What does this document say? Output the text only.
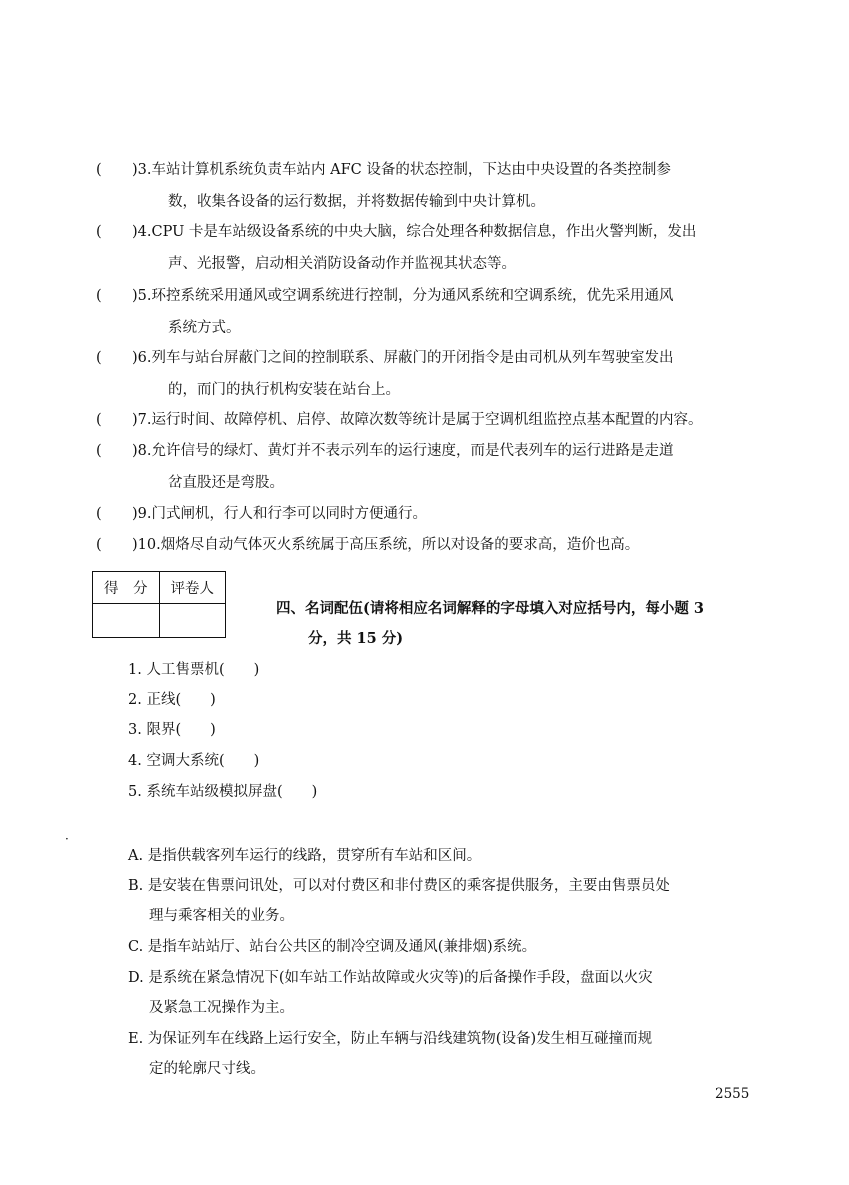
( )3.车站计算机系统负责车站内 AFC 设备的状态控制，下达由中央设置的各类控制参
数，收集各设备的运行数据，并将数据传输到中央计算机。
( )4.CPU 卡是车站级设备系统的中央大脑，综合处理各种数据信息，作出火警判断，发出
声、光报警，启动相关消防设备动作并监视其状态等。
( )5.环控系统采用通风或空调系统进行控制，分为通风系统和空调系统，优先采用通风
系统方式。
( )6.列车与站台屏蔽门之间的控制联系、屏蔽门的开闭指令是由司机从列车驾驶室发出
的，而门的执行机构安装在站台上。
( )7.运行时间、故障停机、启停、故障次数等统计是属于空调机组监控点基本配置的内容。
( )8.允许信号的绿灯、黄灯并不表示列车的运行速度，而是代表列车的运行进路是走道
岔直股还是弯股。
( )9.门式闸机，行人和行李可以同时方便通行。
( )10.烟烙尽自动气体灭火系统属于高压系统，所以对设备的要求高，造价也高。
得　分	评卷人

四、名词配伍(请将相应名词解释的字母填入对应括号内，每小题 3
分，共 15 分)
1. 人工售票机(　　)
2. 正线(　　)
3. 限界(　　)
4. 空调大系统(　　)
5. 系统车站级模拟屏盘(　　)
·
A. 是指供载客列车运行的线路，贯穿所有车站和区间。
B. 是安装在售票问讯处，可以对付费区和非付费区的乘客提供服务，主要由售票员处
理与乘客相关的业务。
C. 是指车站站厅、站台公共区的制冷空调及通风(兼排烟)系统。
D. 是系统在紧急情况下(如车站工作站故障或火灾等)的后备操作手段，盘面以火灾
及紧急工况操作为主。
E. 为保证列车在线路上运行安全，防止车辆与沿线建筑物(设备)发生相互碰撞而规
定的轮廓尺寸线。
2555
